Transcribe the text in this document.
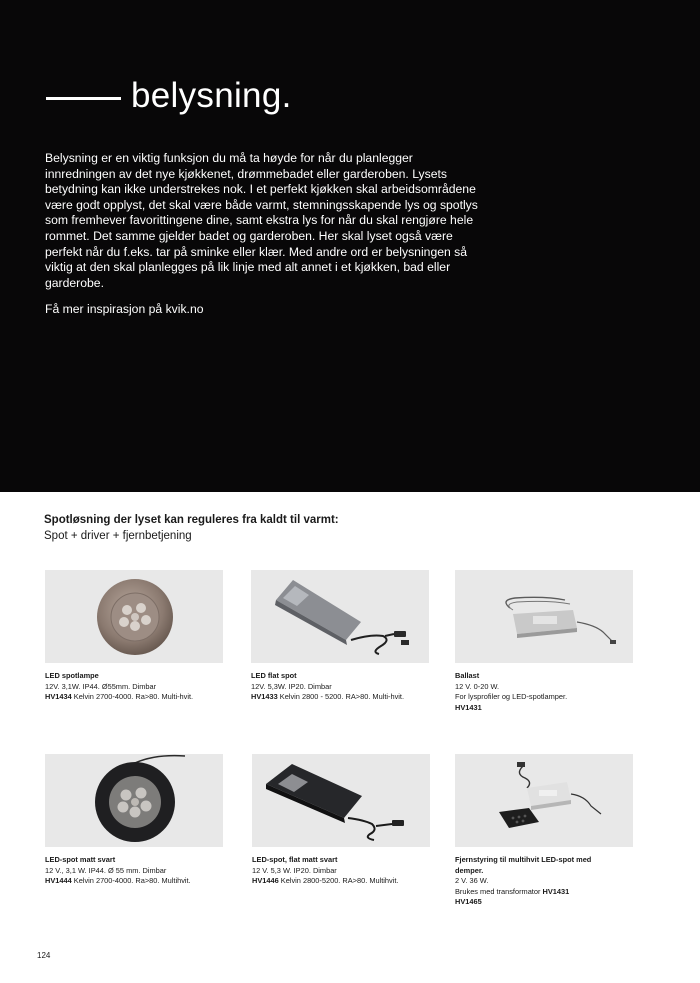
belysning.

Belysning er en viktig funksjon du må ta høyde for når du planlegger

innredningen av det nye kjøkkenet, drømmebadet eller garderoben. Lysets

betydning kan ikke understrekes nok. I et perfekt kjøkken skal arbeidsområdene

være godt opplyst, det skal være både varmt, stemningsskapende lys og spotlys

som fremhever favorittingene dine, samt ekstra lys for når du skal rengjøre hele

rommet. Det samme gjelder badet og garderoben. Her skal lyset også være

perfekt når du f.eks. tar på sminke eller klær. Med andre ord er belysningen så

viktig at den skal planlegges på lik linje med alt annet i et kjøkken, bad eller

garderobe.

Få mer inspirasjon på kvik.no
Spotløsning der lyset kan reguleres fra kaldt til varmt:
Spot + driver + fjernbetjening
LED spotlampe
12V. 3,1W. IP44. Ø55mm. Dimbar
HV1434 Kelvin 2700-4000. Ra>80. Multi-hvit.
LED flat spot
12V. 5,3W. IP20. Dimbar
HV1433 Kelvin 2800 - 5200. RA>80. Multi-hvit.
Ballast
12 V. 0-20 W.
For lysprofiler og LED-spotlamper.
HV1431
LED-spot matt svart
12 V., 3,1 W. IP44. Ø 55 mm. Dimbar
HV1444 Kelvin 2700-4000. Ra>80. Multihvit.
LED-spot, flat matt svart
12 V. 5,3 W. IP20. Dimbar
HV1446 Kelvin 2800-5200. RA>80. Multihvit.
Fjernstyring til multihvit LED-spot med
demper.
2 V. 36 W.
Brukes med transformator HV1431
HV1465
124
